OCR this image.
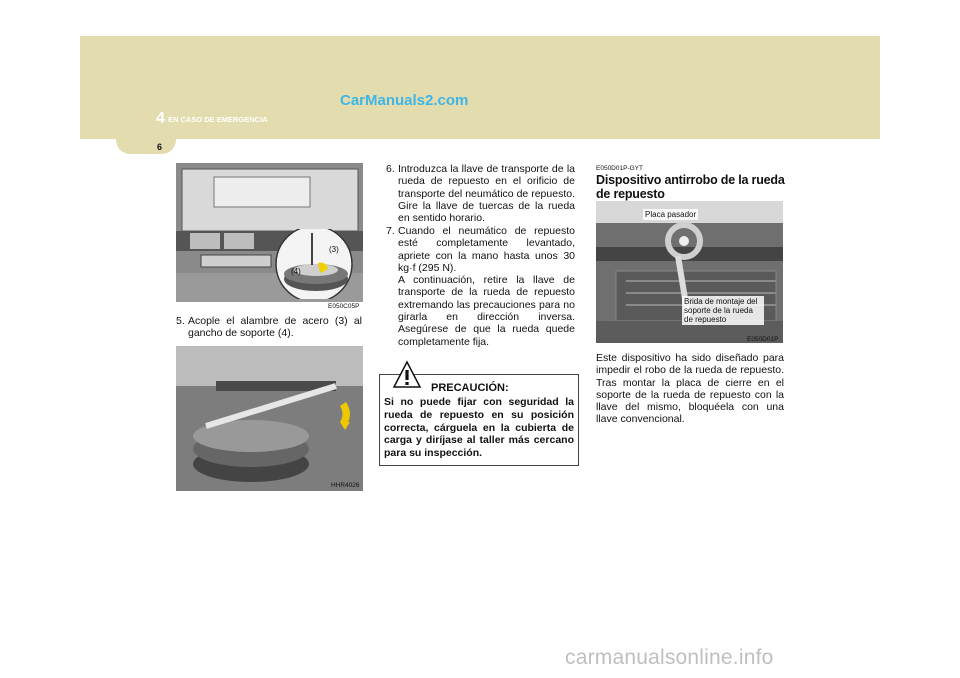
4 EN CASO DE EMERGENCIA
CarManuals2.com
6
(3)
(4)
E050C05P
5. Acople el alambre de acero (3) al gancho de soporte (4).
HHR4026
6. Introduzca la llave de transporte de la rueda de repuesto en el orificio de transporte del neumático de repuesto. Gire la llave de tuercas de la rueda en sentido horario.
7. Cuando el neumático de repuesto esté completamente levantado, apriete con la mano hasta unos 30 kg·f (295 N).
A continuación, retire la llave de transporte de la rueda de repuesto extremando las precauciones para no girarla en dirección inversa. Asegúrese de que la rueda quede completamente fija.
PRECAUCIÓN:
Si no puede fijar con seguridad la rueda de repuesto en su posición correcta, cárguela en la cubierta de carga y diríjase al taller más cercano para su inspección.
E050D01P-GYT
Dispositivo antirrobo de la rueda de repuesto
Placa pasador
Brida de montaje del soporte de la rueda de repuesto
E050D01P
Este dispositivo ha sido diseñado para impedir el robo de la rueda de repuesto. Tras montar la placa de cierre en el soporte de la rueda de repuesto con la llave del mismo, bloquéela con una llave convencional.
carmanualsonline.info
